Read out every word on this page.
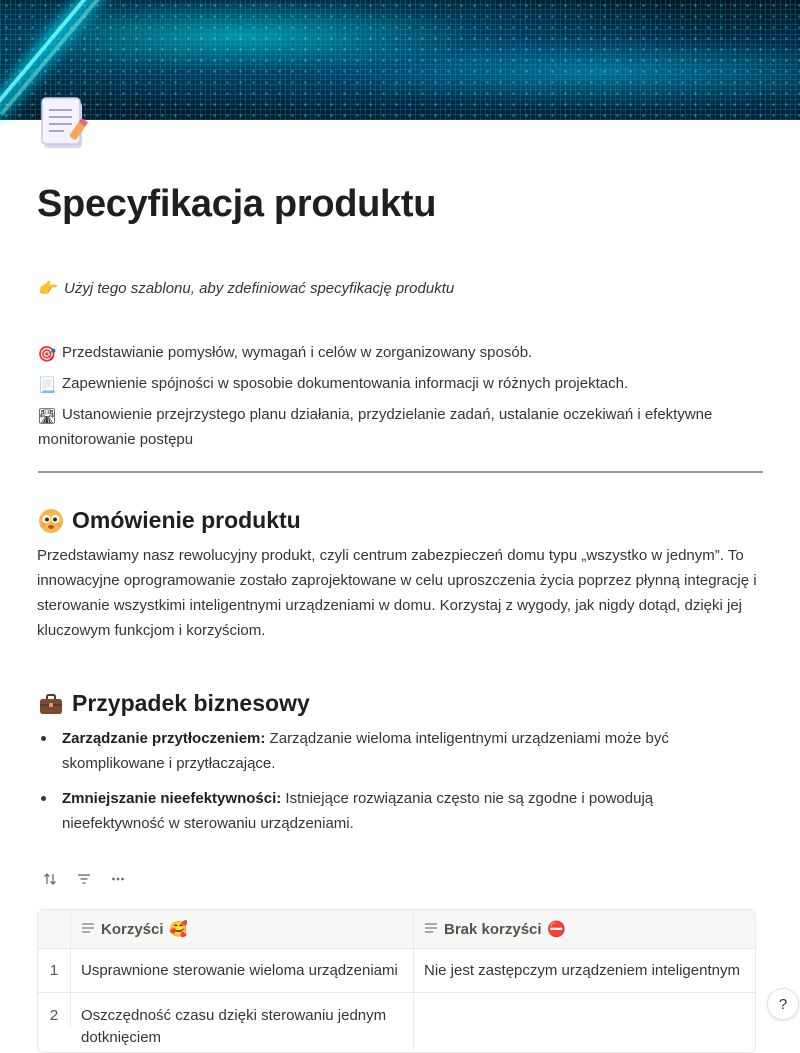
Specyfikacja produktu
👉 Użyj tego szablonu, aby zdefiniować specyfikację produktu
🎯 Przedstawianie pomysłów, wymagań i celów w zorganizowany sposób.
📃 Zapewnienie spójności w sposobie dokumentowania informacji w różnych projektach.
🛣 Ustanowienie przejrzystego planu działania, przydzielanie zadań, ustalanie oczekiwań i efektywne monitorowanie postępu
Omówienie produktu

Przedstawiamy nasz rewolucyjny produkt, czyli centrum zabezpieczeń domu typu „wszystko w jednym”. To innowacyjne oprogramowanie zostało zaprojektowane w celu uproszczenia życia poprzez płynną integrację i sterowanie wszystkimi inteligentnymi urządzeniami w domu. Korzystaj z wygody, jak nigdy dotąd, dzięki jej kluczowym funkcjom i korzyściom.

Przypadek biznesowy
Zarządzanie przytłoczeniem: Zarządzanie wieloma inteligentnymi urządzeniami może być skomplikowane i przytłaczające.
Zmniejszanie nieefektywności: Istniejące rozwiązania często nie są zgodne i powodują nieefektywność w sterowaniu urządzeniami.
Korzyści 🥰	Brak korzyści ⛔
1	Usprawnione sterowanie wieloma urządzeniami	Nie jest zastępczym urządzeniem inteligentnym
2	Oszczędność czasu dzięki sterowaniu jednym dotknięciem
?
